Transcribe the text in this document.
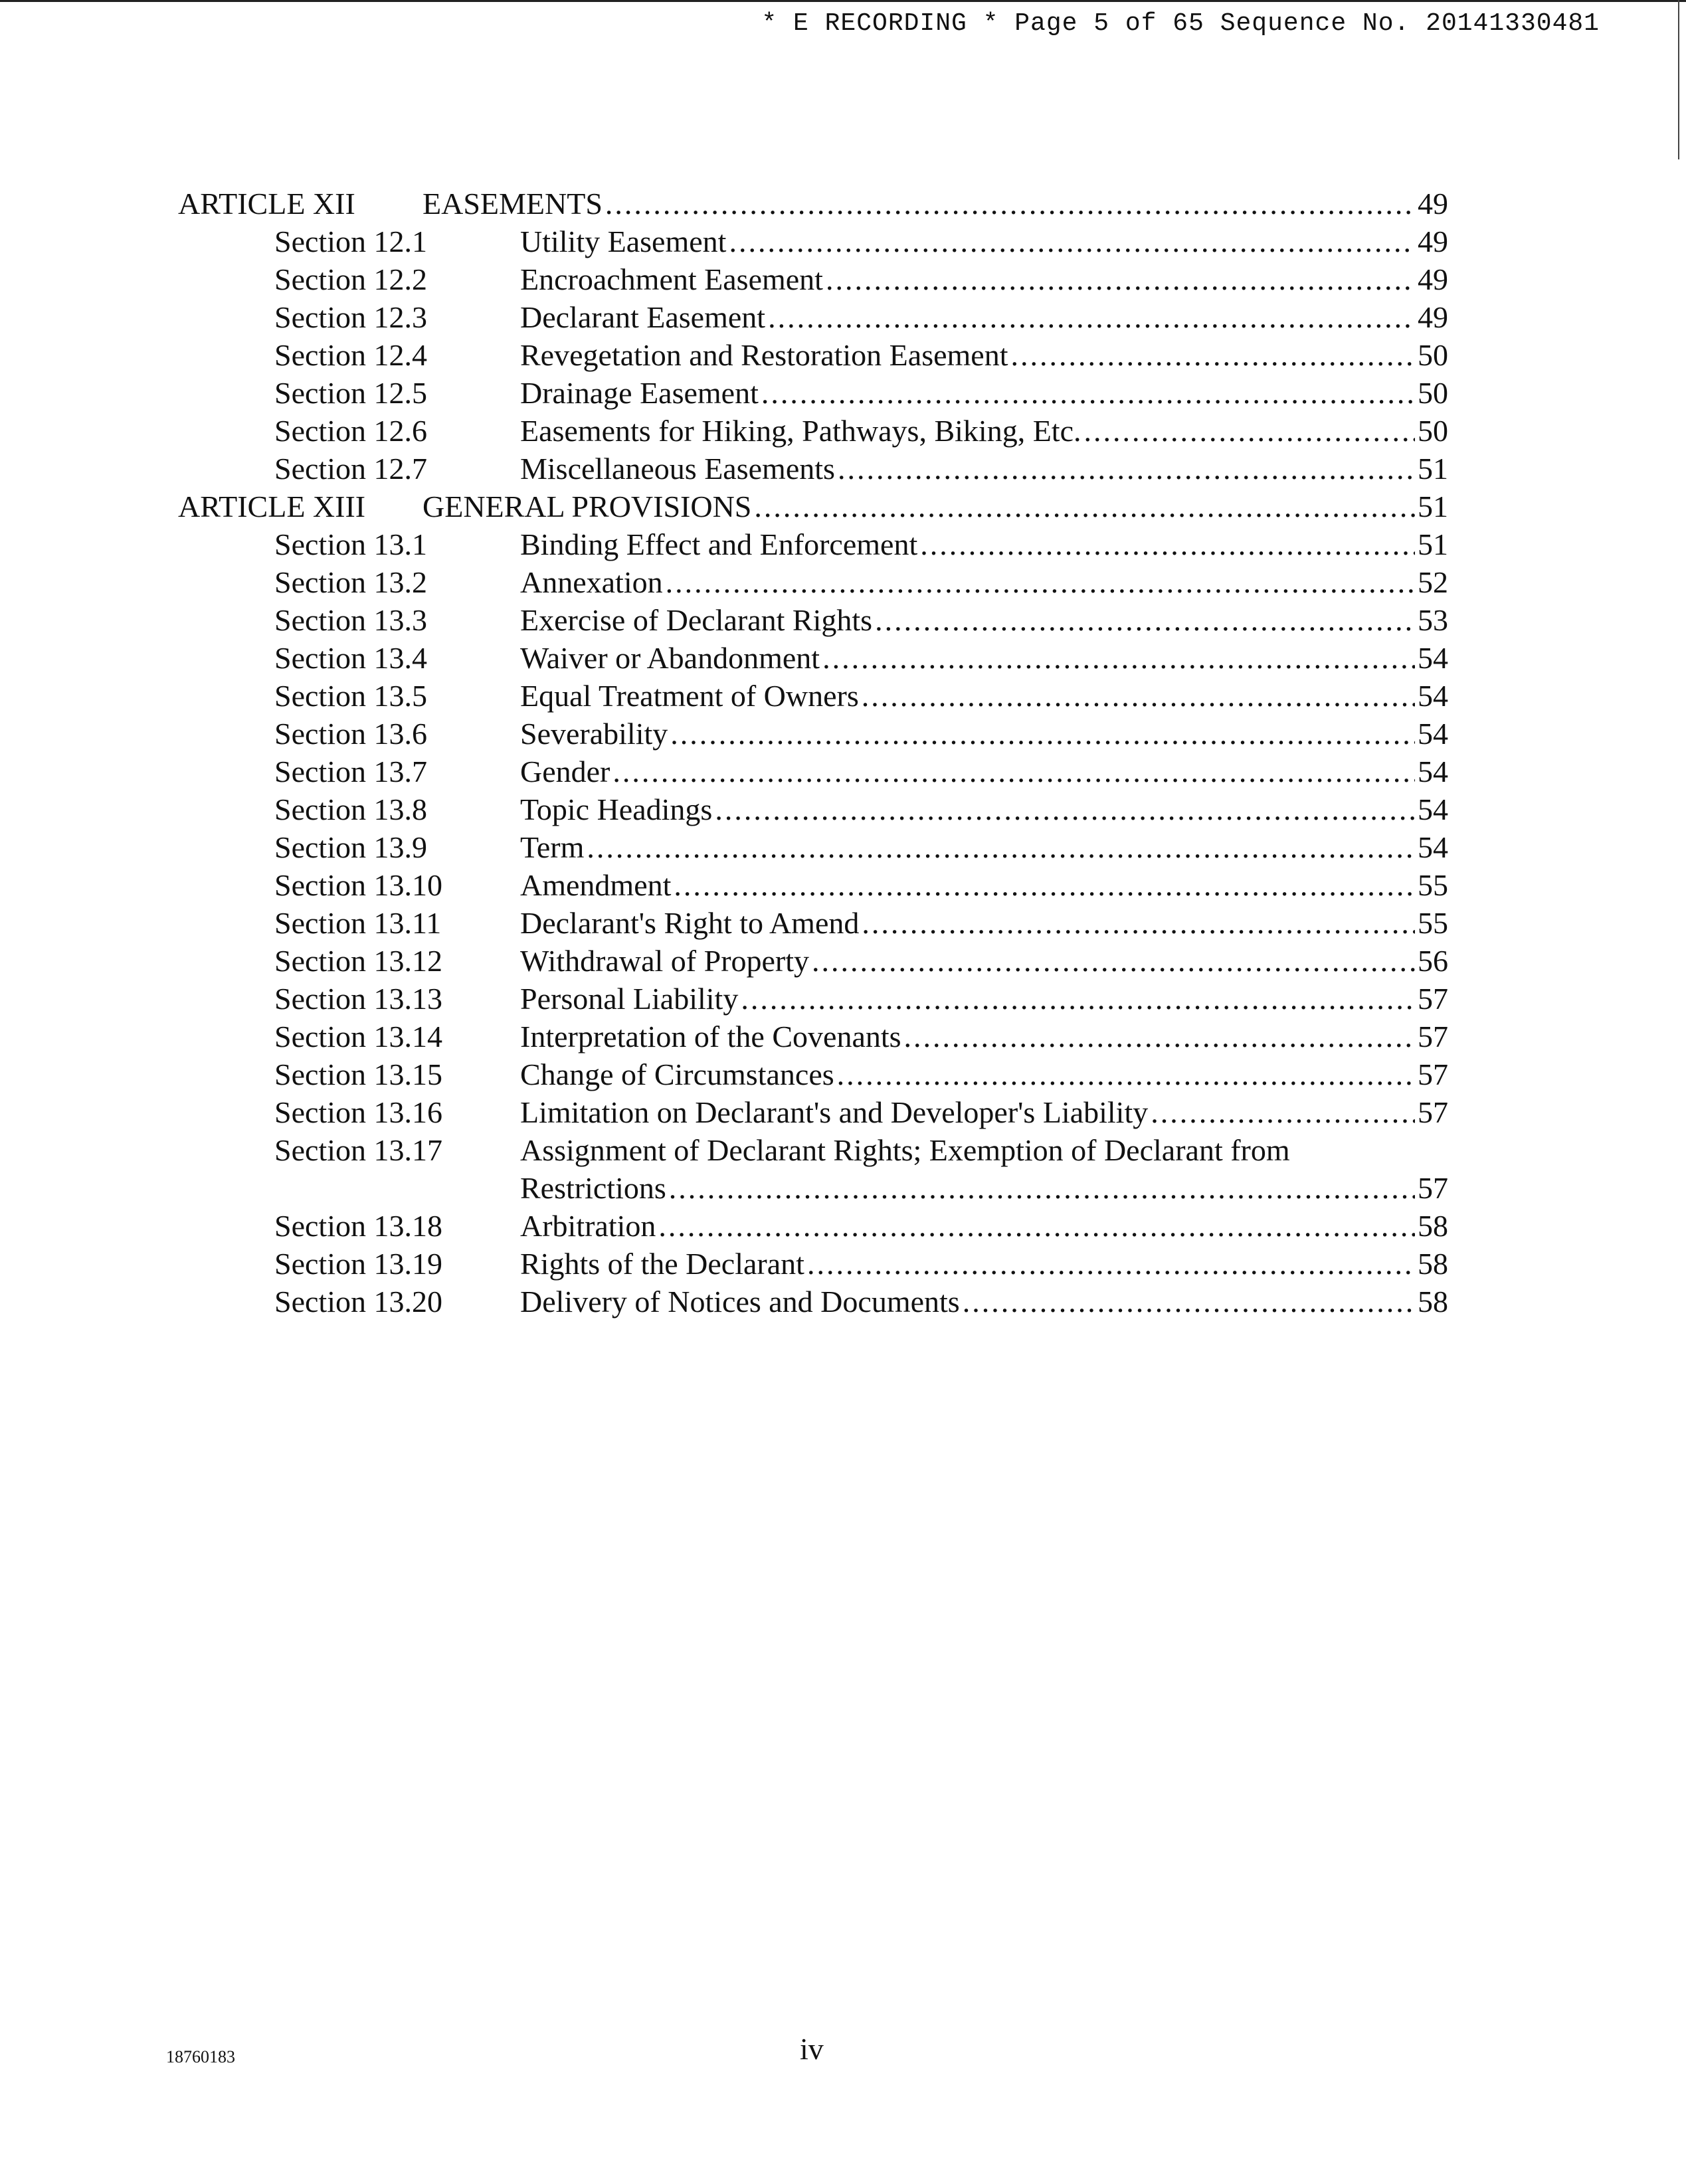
* E RECORDING * Page 5 of 65 Sequence No. 20141330481
ARTICLE XII EASEMENTS .....	49
Section 12.1	Utility Easement .....	49
Section 12.2	Encroachment Easement .....	49
Section 12.3	Declarant Easement .....	49
Section 12.4	Revegetation and Restoration Easement .....	50
Section 12.5	Drainage Easement .....	50
Section 12.6	Easements for Hiking, Pathways, Biking, Etc. .....	50
Section 12.7	Miscellaneous Easements .....	51
ARTICLE XIII GENERAL PROVISIONS .....	51
Section 13.1	Binding Effect and Enforcement .....	51
Section 13.2	Annexation .....	52
Section 13.3	Exercise of Declarant Rights .....	53
Section 13.4	Waiver or Abandonment .....	54
Section 13.5	Equal Treatment of Owners .....	54
Section 13.6	Severability .....	54
Section 13.7	Gender .....	54
Section 13.8	Topic Headings .....	54
Section 13.9	Term .....	54
Section 13.10	Amendment .....	55
Section 13.11	Declarant's Right to Amend .....	55
Section 13.12	Withdrawal of Property .....	56
Section 13.13	Personal Liability .....	57
Section 13.14	Interpretation of the Covenants .....	57
Section 13.15	Change of Circumstances .....	57
Section 13.16	Limitation on Declarant's and Developer's Liability .....	57
Section 13.17	Assignment of Declarant Rights; Exemption of Declarant from
Restrictions .....	57
Section 13.18	Arbitration .....	58
Section 13.19	Rights of the Declarant .....	58
Section 13.20	Delivery of Notices and Documents .....	58
18760183	iv
